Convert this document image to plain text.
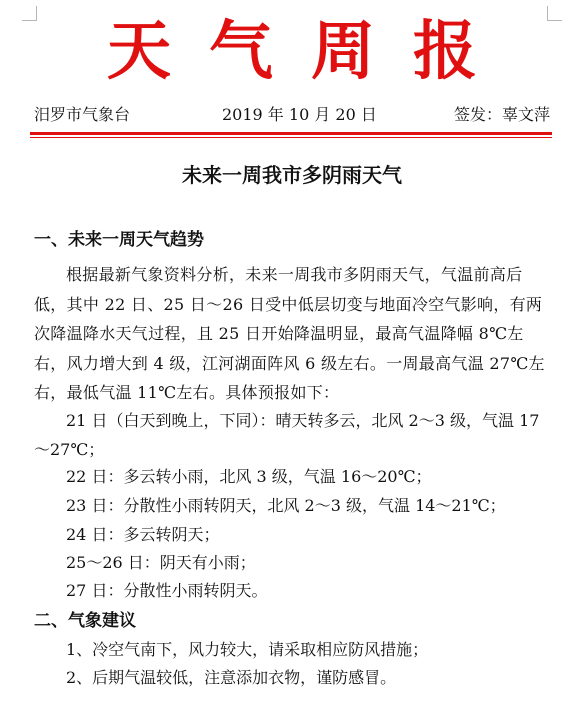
天气周报
汨罗市气象台	2019 年 10 月 20 日	签发：辜文萍
未来一周我市多阴雨天气
一、未来一周天气趋势
根据最新气象资料分析，未来一周我市多阴雨天气，气温前高后低，其中 22 日、25 日～26 日受中低层切变与地面冷空气影响，有两次降温降水天气过程，且 25 日开始降温明显，最高气温降幅 8℃左右，风力增大到 4 级，江河湖面阵风 6 级左右。一周最高气温 27℃左右，最低气温 11℃左右。具体预报如下：
21 日（白天到晚上，下同）：晴天转多云，北风 2～3 级，气温 17～27℃；
22 日：多云转小雨，北风 3 级，气温 16～20℃；
23 日：分散性小雨转阴天，北风 2～3 级，气温 14～21℃；
24 日：多云转阴天；
25～26 日：阴天有小雨；
27 日：分散性小雨转阴天。
二、气象建议
1、冷空气南下，风力较大，请采取相应防风措施；
2、后期气温较低，注意添加衣物，谨防感冒。
